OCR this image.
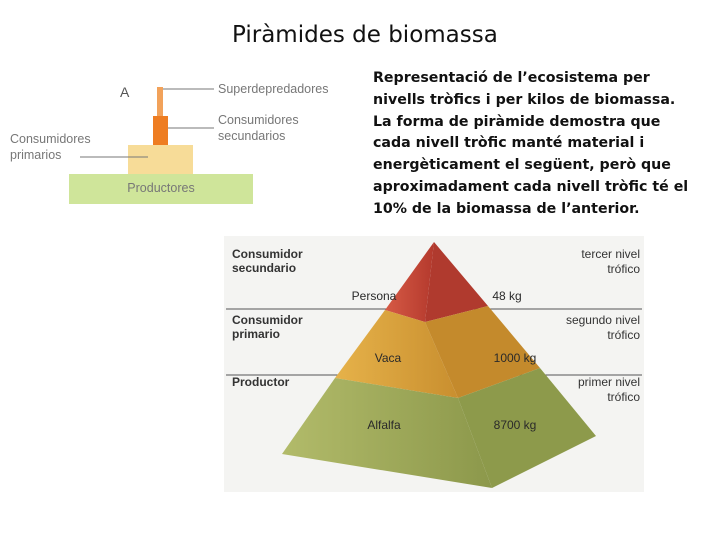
Piràmides de biomassa
Representació de l’ecosistema per nivells tròfics i per kilos de biomassa. La forma de piràmide demostra que cada nivell tròfic manté material i energèticament el següent, però que aproximadament cada nivell tròfic té el 10% de la biomassa de l’anterior.
A	Superdepredadores
Consumidores
secundarios
Consumidores
primarios
Productores
Consumidor
secundario
Consumidor
primario
Productor
tercer nivel
trófico
segundo nivel
trófico
primer nivel
trófico
Persona	48 kg
Vaca	1000 kg
Alfalfa	8700 kg
